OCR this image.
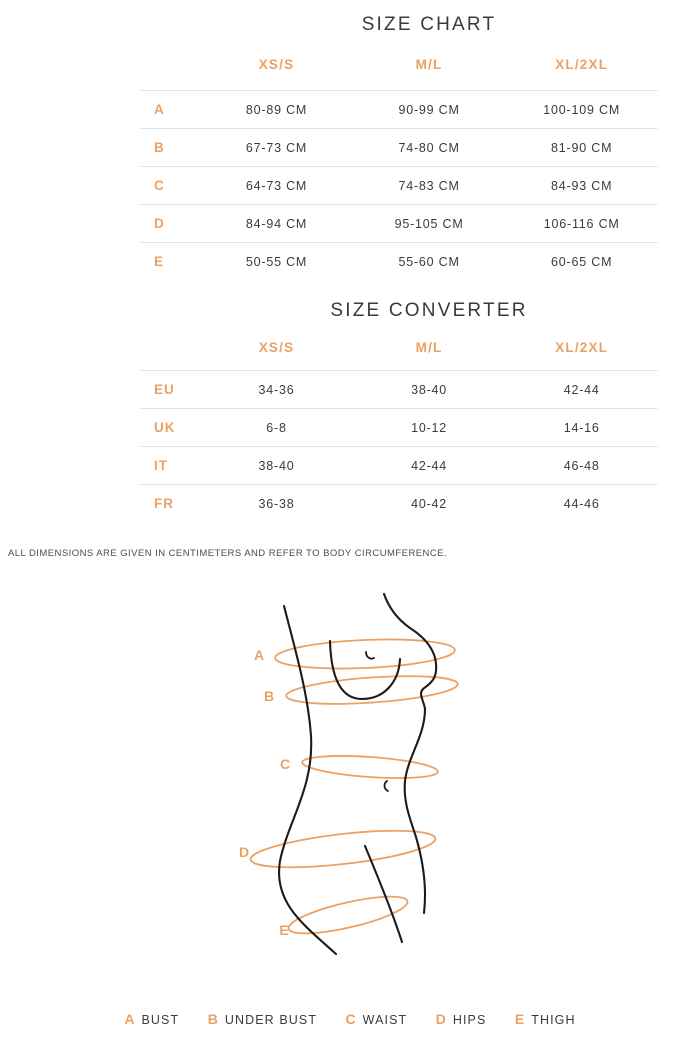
SIZE CHART
	XS/S	M/L	XL/2XL
A	80-89 CM	90-99 CM	100-109 CM
B	67-73 CM	74-80 CM	81-90 CM
C	64-73 CM	74-83 CM	84-93 CM
D	84-94 CM	95-105 CM	106-116 CM
E	50-55 CM	55-60 CM	60-65 CM
SIZE CONVERTER
	XS/S	M/L	XL/2XL
EU	34-36	38-40	42-44
UK	6-8	10-12	14-16
IT	38-40	42-44	46-48
FR	36-38	40-42	44-46

ALL DIMENSIONS ARE GIVEN IN CENTIMETERS AND REFER TO BODY CIRCUMFERENCE.

A
B
C
D
E
A BUST B UNDER BUST C WAIST D HIPS E THIGH
